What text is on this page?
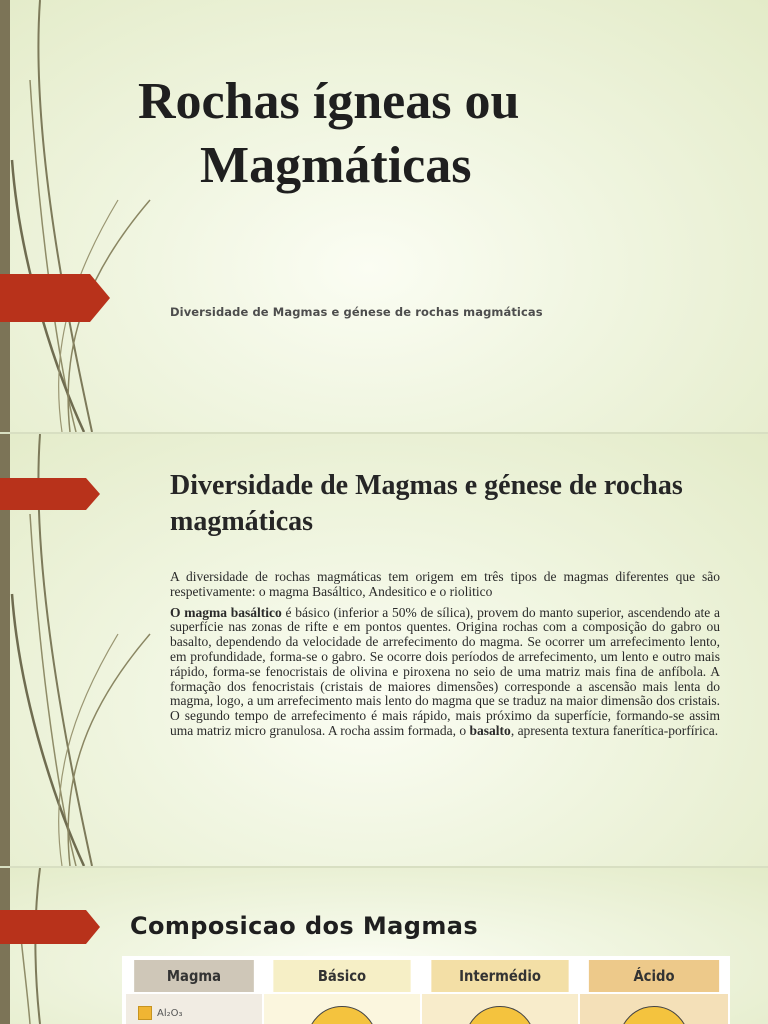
Rochas ígneas ou
Magmáticas

Diversidade de Magmas e génese de rochas magmáticas

Diversidade de Magmas e génese de rochas magmáticas

A diversidade de rochas magmáticas tem origem em três tipos de magmas diferentes que são respetivamente: o magma Basáltico, Andesitico e o riolitico

O magma basáltico é básico (inferior a 50% de sílica), provem do manto superior, ascendendo ate a superfície nas zonas de rifte e em pontos quentes. Origina rochas com a composição do gabro ou basalto, dependendo da velocidade de arrefecimento do magma. Se ocorrer um arrefecimento lento, em profundidade, forma-se o gabro. Se ocorre dois períodos de arrefecimento, um lento e outro mais rápido, forma-se fenocristais de olivina e piroxena no seio de uma matriz mais fina de anfíbola. A formação dos fenocristais (cristais de maiores dimensões) corresponde a ascensão mais lenta do magma, logo, a um arrefecimento mais lento do magma que se traduz na maior dimensão dos cristais. O segundo tempo de arrefecimento é mais rápido, mais próximo da superfície, formando-se assim uma matriz micro granulosa. A rocha assim formada, o basalto, apresenta textura fanerítica-porfírica.

Composicao dos Magmas
Magma	Básico	Intermédio	Ácido
Al₂O₃
